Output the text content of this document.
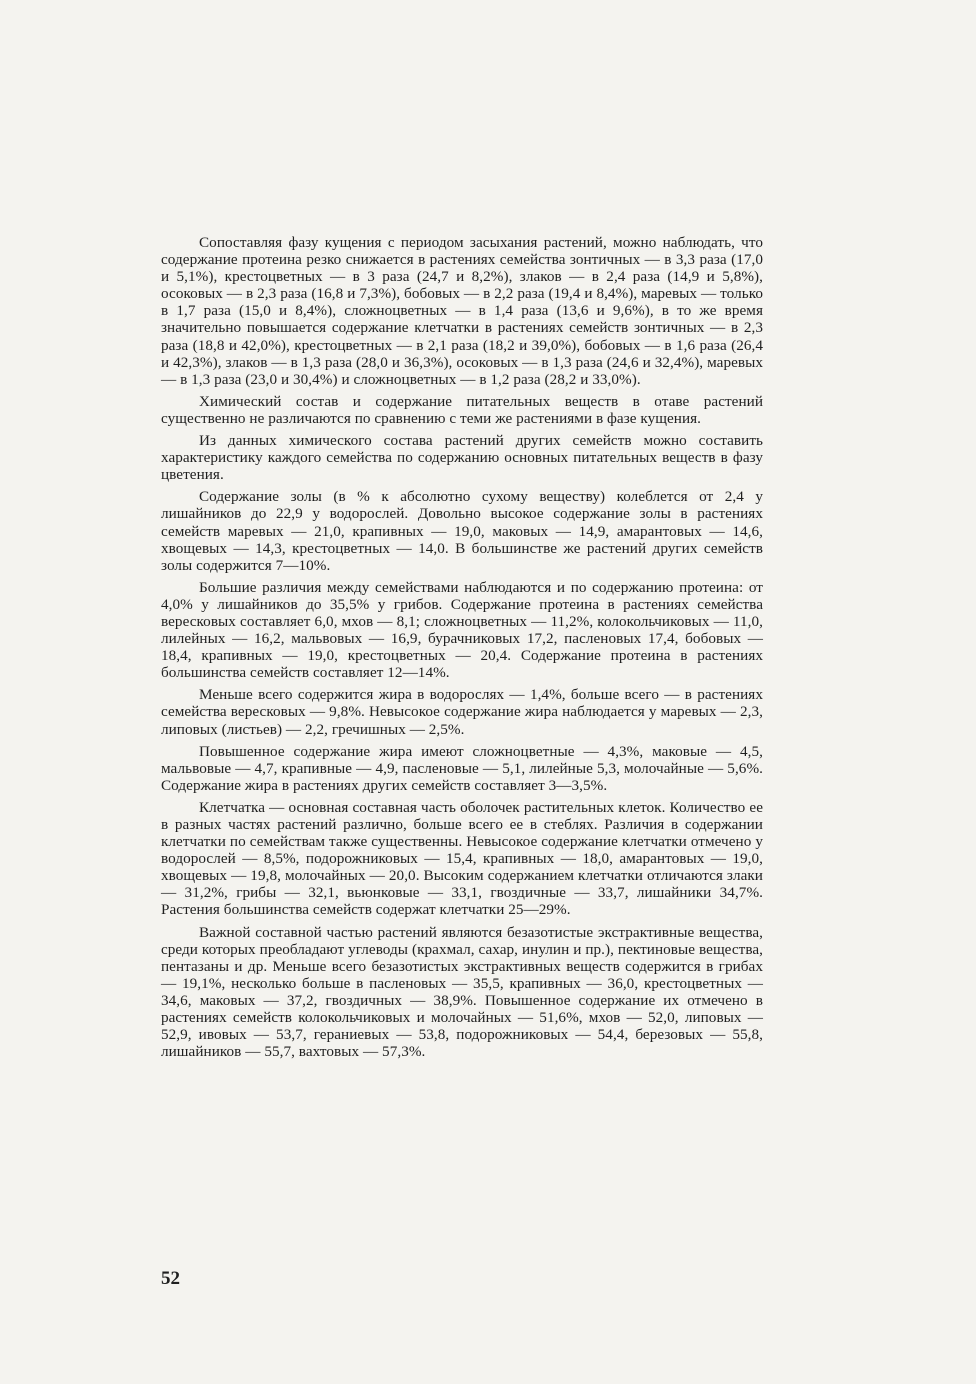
Сопоставляя фазу кущения с периодом засыхания растений, можно наблюдать, что содержание протеина резко снижается в растениях семейства зонтичных — в 3,3 раза (17,0 и 5,1%), крестоцветных — в 3 раза (24,7 и 8,2%), злаков — в 2,4 раза (14,9 и 5,8%), осоковых — в 2,3 раза (16,8 и 7,3%), бобовых — в 2,2 раза (19,4 и 8,4%), маревых — только в 1,7 раза (15,0 и 8,4%), сложноцветных — в 1,4 раза (13,6 и 9,6%), в то же время значительно повышается содержание клетчатки в растениях семейств зонтичных — в 2,3 раза (18,8 и 42,0%), крестоцветных — в 2,1 раза (18,2 и 39,0%), бобовых — в 1,6 раза (26,4 и 42,3%), злаков — в 1,3 раза (28,0 и 36,3%), осоковых — в 1,3 раза (24,6 и 32,4%), маревых — в 1,3 раза (23,0 и 30,4%) и сложноцветных — в 1,2 раза (28,2 и 33,0%).

Химический состав и содержание питательных веществ в отаве растений существенно не различаются по сравнению с теми же растениями в фазе кущения.

Из данных химического состава растений других семейств можно составить характеристику каждого семейства по содержанию основных питательных веществ в фазу цветения.

Содержание золы (в % к абсолютно сухому веществу) колеблется от 2,4 у лишайников до 22,9 у водорослей. Довольно высокое содержание золы в растениях семейств маревых — 21,0, крапивных — 19,0, маковых — 14,9, амарантовых — 14,6, хвощевых — 14,3, крестоцветных — 14,0. В большинстве же растений других семейств золы содержится 7—10%.

Большие различия между семействами наблюдаются и по содержанию протеина: от 4,0% у лишайников до 35,5% у грибов. Содержание протеина в растениях семейства вересковых составляет 6,0, мхов — 8,1; сложноцветных — 11,2%, колокольчиковых — 11,0, лилейных — 16,2, мальвовых — 16,9, бурачниковых 17,2, пасленовых 17,4, бобовых — 18,4, крапивных — 19,0, крестоцветных — 20,4. Содержание протеина в растениях большинства семейств составляет 12—14%.

Меньше всего содержится жира в водорослях — 1,4%, больше всего — в растениях семейства вересковых — 9,8%. Невысокое содержание жира наблюдается у маревых — 2,3, липовых (листьев) — 2,2, гречишных — 2,5%.

Повышенное содержание жира имеют сложноцветные — 4,3%, маковые — 4,5, мальвовые — 4,7, крапивные — 4,9, пасленовые — 5,1, лилейные 5,3, молочайные — 5,6%. Содержание жира в растениях других семейств составляет 3—3,5%.

Клетчатка — основная составная часть оболочек растительных клеток. Количество ее в разных частях растений различно, больше всего ее в стеблях. Различия в содержании клетчатки по семействам также существенны. Невысокое содержание клетчатки отмечено у водорослей — 8,5%, подорожниковых — 15,4, крапивных — 18,0, амарантовых — 19,0, хвощевых — 19,8, молочайных — 20,0. Высоким содержанием клетчатки отличаются злаки — 31,2%, грибы — 32,1, вьюнковые — 33,1, гвоздичные — 33,7, лишайники 34,7%. Растения большинства семейств содержат клетчатки 25—29%.

Важной составной частью растений являются безазотистые экстрактивные вещества, среди которых преобладают углеводы (крахмал, сахар, инулин и пр.), пектиновые вещества, пентазаны и др. Меньше всего безазотистых экстрактивных веществ содержится в грибах — 19,1%, несколько больше в пасленовых — 35,5, крапивных — 36,0, крестоцветных — 34,6, маковых — 37,2, гвоздичных — 38,9%. Повышенное содержание их отмечено в растениях семейств колокольчиковых и молочайных — 51,6%, мхов — 52,0, липовых — 52,9, ивовых — 53,7, гераниевых — 53,8, подорожниковых — 54,4, березовых — 55,8, лишайников — 55,7, вахтовых — 57,3%.

52
